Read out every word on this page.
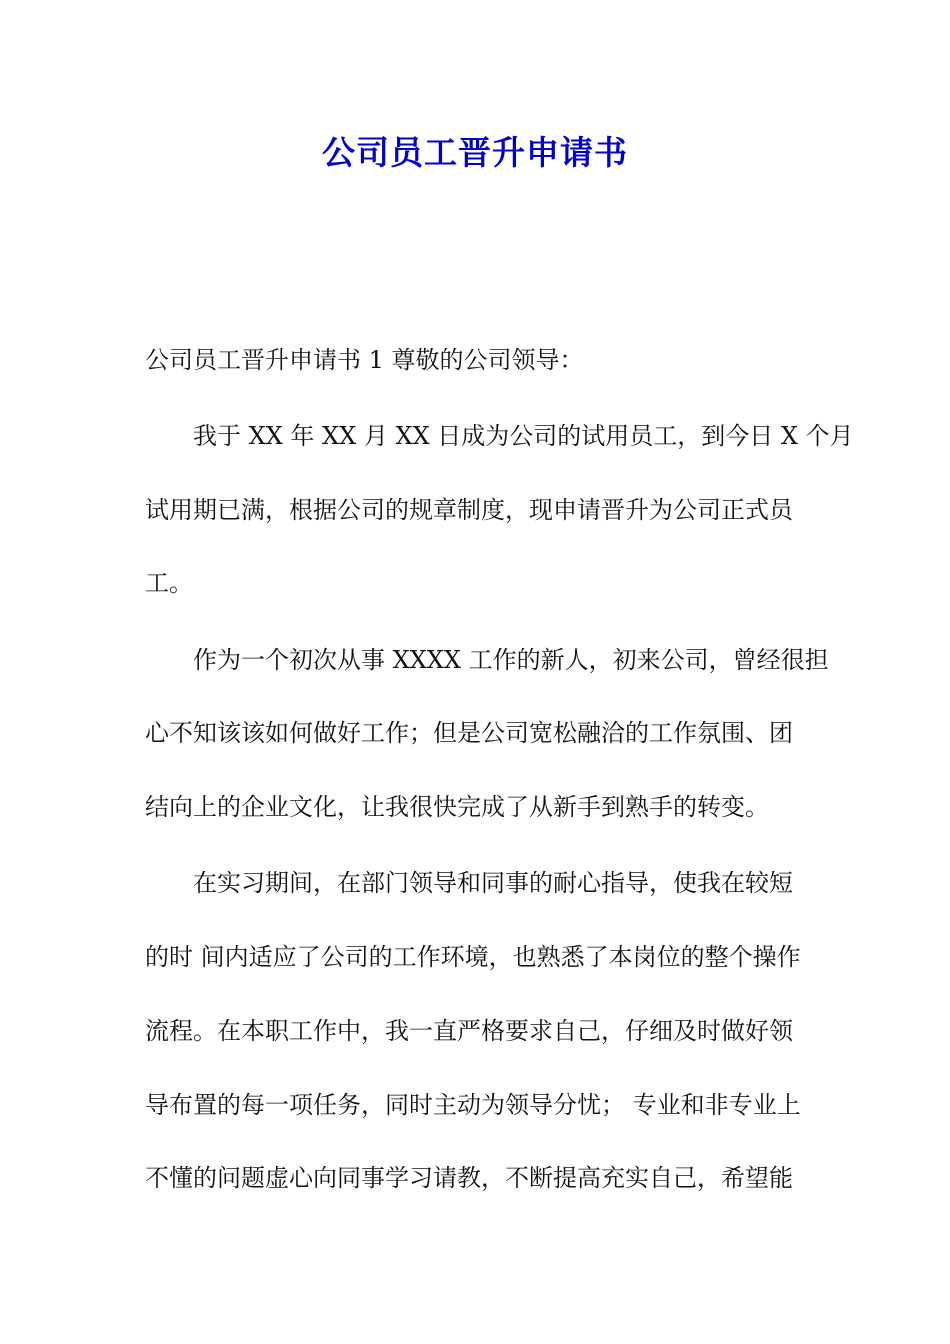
公司员工晋升申请书

公司员工晋升申请书 1 尊敬的公司领导：

我于 XX 年 XX 月 XX 日成为公司的试用员工，到今日 X 个月

试用期已满，根据公司的规章制度，现申请晋升为公司正式员

工。

作为一个初次从事 XXXX 工作的新人，初来公司，曾经很担

心不知该该如何做好工作；但是公司宽松融洽的工作氛围、团

结向上的企业文化，让我很快完成了从新手到熟手的转变。

在实习期间，在部门领导和同事的耐心指导，使我在较短

的时 间内适应了公司的工作环境，也熟悉了本岗位的整个操作

流程。在本职工作中，我一直严格要求自己，仔细及时做好领

导布置的每一项任务，同时主动为领导分忧； 专业和非专业上

不懂的问题虚心向同事学习请教，不断提高充实自己，希望能
